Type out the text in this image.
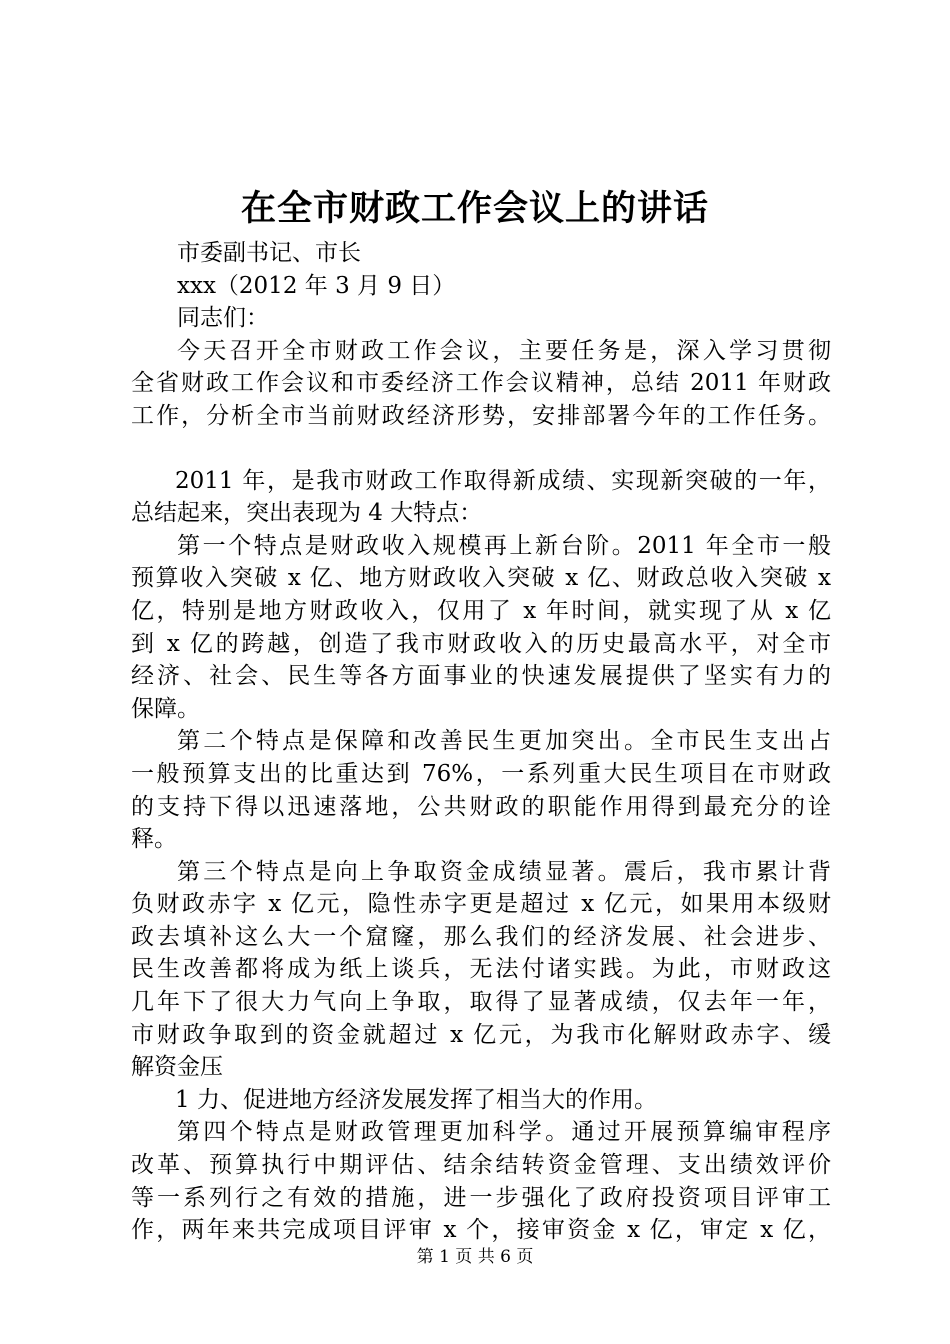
在全市财政工作会议上的讲话
市委副书记、市长
xxx（2012 年 3 月 9 日）
同志们：
今天召开全市财政工作会议，主要任务是，深入学习贯彻
全省财政工作会议和市委经济工作会议精神，总结 2011 年财政
工作，分析全市当前财政经济形势，安排部署今年的工作任务。
2011 年，是我市财政工作取得新成绩、实现新突破的一年，
总结起来，突出表现为 4 大特点：
第一个特点是财政收入规模再上新台阶。2011 年全市一般
预算收入突破 x 亿、地方财政收入突破 x 亿、财政总收入突破 x
亿，特别是地方财政收入，仅用了 x 年时间，就实现了从 x 亿
到 x 亿的跨越，创造了我市财政收入的历史最高水平，对全市
经济、社会、民生等各方面事业的快速发展提供了坚实有力的
保障。
第二个特点是保障和改善民生更加突出。全市民生支出占
一般预算支出的比重达到 76%，一系列重大民生项目在市财政
的支持下得以迅速落地，公共财政的职能作用得到最充分的诠
释。
第三个特点是向上争取资金成绩显著。震后，我市累计背
负财政赤字 x 亿元，隐性赤字更是超过 x 亿元，如果用本级财
政去填补这么大一个窟窿，那么我们的经济发展、社会进步、
民生改善都将成为纸上谈兵，无法付诸实践。为此，市财政这
几年下了很大力气向上争取，取得了显著成绩，仅去年一年，
市财政争取到的资金就超过 x 亿元，为我市化解财政赤字、缓
解资金压
1 力、促进地方经济发展发挥了相当大的作用。
第四个特点是财政管理更加科学。通过开展预算编审程序
改革、预算执行中期评估、结余结转资金管理、支出绩效评价
等一系列行之有效的措施，进一步强化了政府投资项目评审工
作，两年来共完成项目评审 x 个，接审资金 x 亿，审定 x 亿，
第 1 页 共 6 页
